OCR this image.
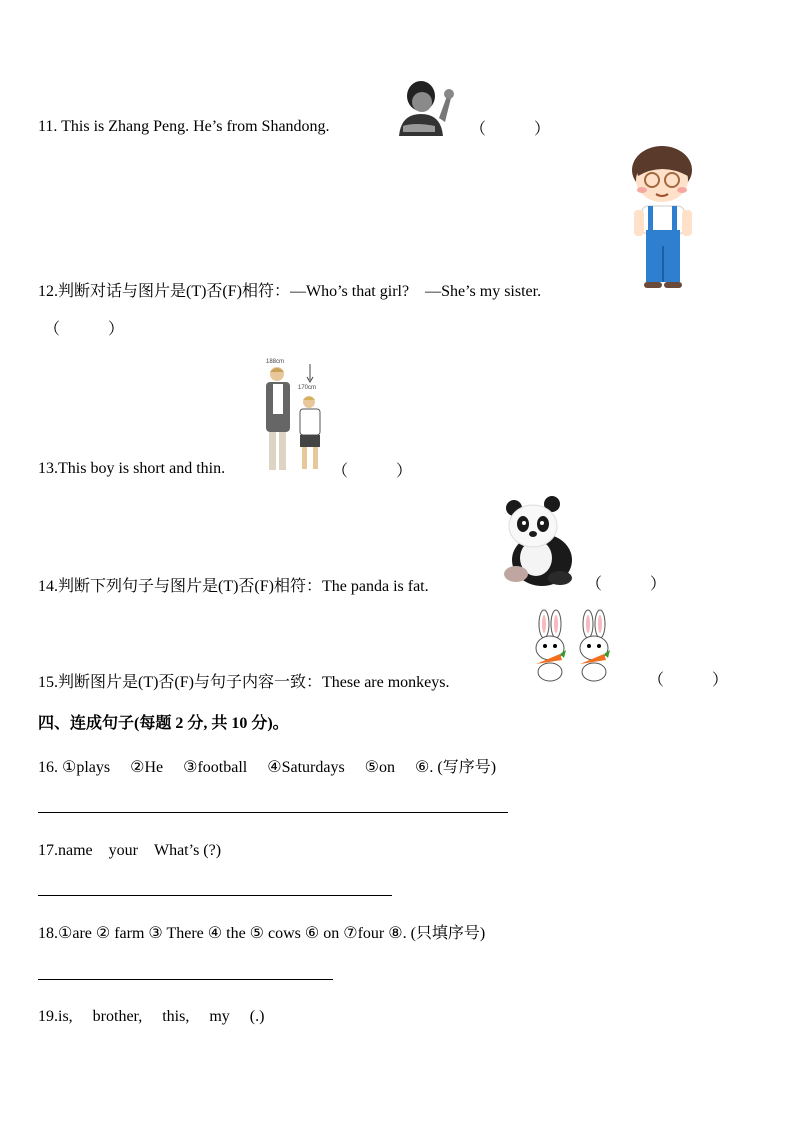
11. This is Zhang Peng. He’s from Shandong.	（　　　）
12.判断对话与图片是(T)否(F)相符：—Who’s that girl?　—She’s my sister.
（　　　）
188cm
170cm
13.This boy is short and thin.	（　　　）
14.判断下列句子与图片是(T)否(F)相符：The panda is fat.	（　　　）
15.判断图片是(T)否(F)与句子内容一致：These are monkeys.	（　　　）
四、连成句子(每题 2 分, 共 10 分)。
16. ①plays　 ②He　 ③football　 ④Saturdays　 ⑤on　 ⑥. (写序号)
17.name　your　What’s (?)
18.①are ② farm ③ There ④ the ⑤ cows ⑥ on ⑦four ⑧. (只填序号)
19.is,　 brother,　 this,　 my　 (.)
